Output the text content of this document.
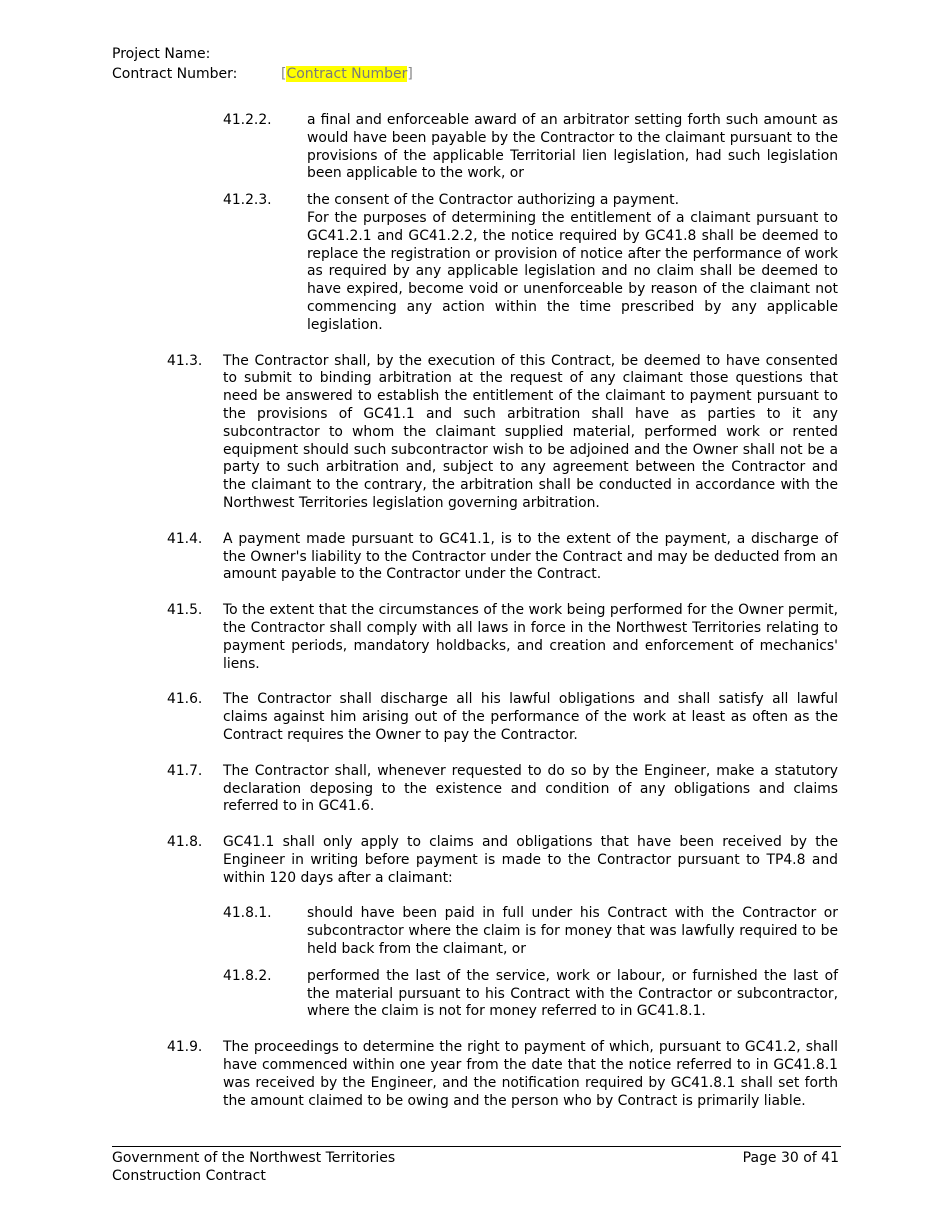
Project Name:
Contract Number:	[Contract Number]
41.2.2.	a final and enforceable award of an arbitrator setting forth such amount as would have been payable by the Contractor to the claimant pursuant to the provisions of the applicable Territorial lien legislation, had such legislation been applicable to the work, or
41.2.3.	the consent of the Contractor authorizing a payment.
For the purposes of determining the entitlement of a claimant pursuant to GC41.2.1 and GC41.2.2, the notice required by GC41.8 shall be deemed to replace the registration or provision of notice after the performance of work as required by any applicable legislation and no claim shall be deemed to have expired, become void or unenforceable by reason of the claimant not commencing any action within the time prescribed by any applicable legislation.
41.3. The Contractor shall, by the execution of this Contract, be deemed to have consented to submit to binding arbitration at the request of any claimant those questions that need be answered to establish the entitlement of the claimant to payment pursuant to the provisions of GC41.1 and such arbitration shall have as parties to it any subcontractor to whom the claimant supplied material, performed work or rented equipment should such subcontractor wish to be adjoined and the Owner shall not be a party to such arbitration and, subject to any agreement between the Contractor and the claimant to the contrary, the arbitration shall be conducted in accordance with the Northwest Territories legislation governing arbitration.
41.4. A payment made pursuant to GC41.1, is to the extent of the payment, a discharge of the Owner's liability to the Contractor under the Contract and may be deducted from an amount payable to the Contractor under the Contract.
41.5. To the extent that the circumstances of the work being performed for the Owner permit, the Contractor shall comply with all laws in force in the Northwest Territories relating to payment periods, mandatory holdbacks, and creation and enforcement of mechanics' liens.
41.6. The Contractor shall discharge all his lawful obligations and shall satisfy all lawful claims against him arising out of the performance of the work at least as often as the Contract requires the Owner to pay the Contractor.
41.7. The Contractor shall, whenever requested to do so by the Engineer, make a statutory declaration deposing to the existence and condition of any obligations and claims referred to in GC41.6.
41.8. GC41.1 shall only apply to claims and obligations that have been received by the Engineer in writing before payment is made to the Contractor pursuant to TP4.8 and within 120 days after a claimant:
41.8.1.	should have been paid in full under his Contract with the Contractor or subcontractor where the claim is for money that was lawfully required to be held back from the claimant, or
41.8.2.	performed the last of the service, work or labour, or furnished the last of the material pursuant to his Contract with the Contractor or subcontractor, where the claim is not for money referred to in GC41.8.1.
41.9. The proceedings to determine the right to payment of which, pursuant to GC41.2, shall have commenced within one year from the date that the notice referred to in GC41.8.1 was received by the Engineer, and the notification required by GC41.8.1 shall set forth the amount claimed to be owing and the person who by Contract is primarily liable.
Government of the Northwest Territories
Construction Contract
Page 30 of 41
